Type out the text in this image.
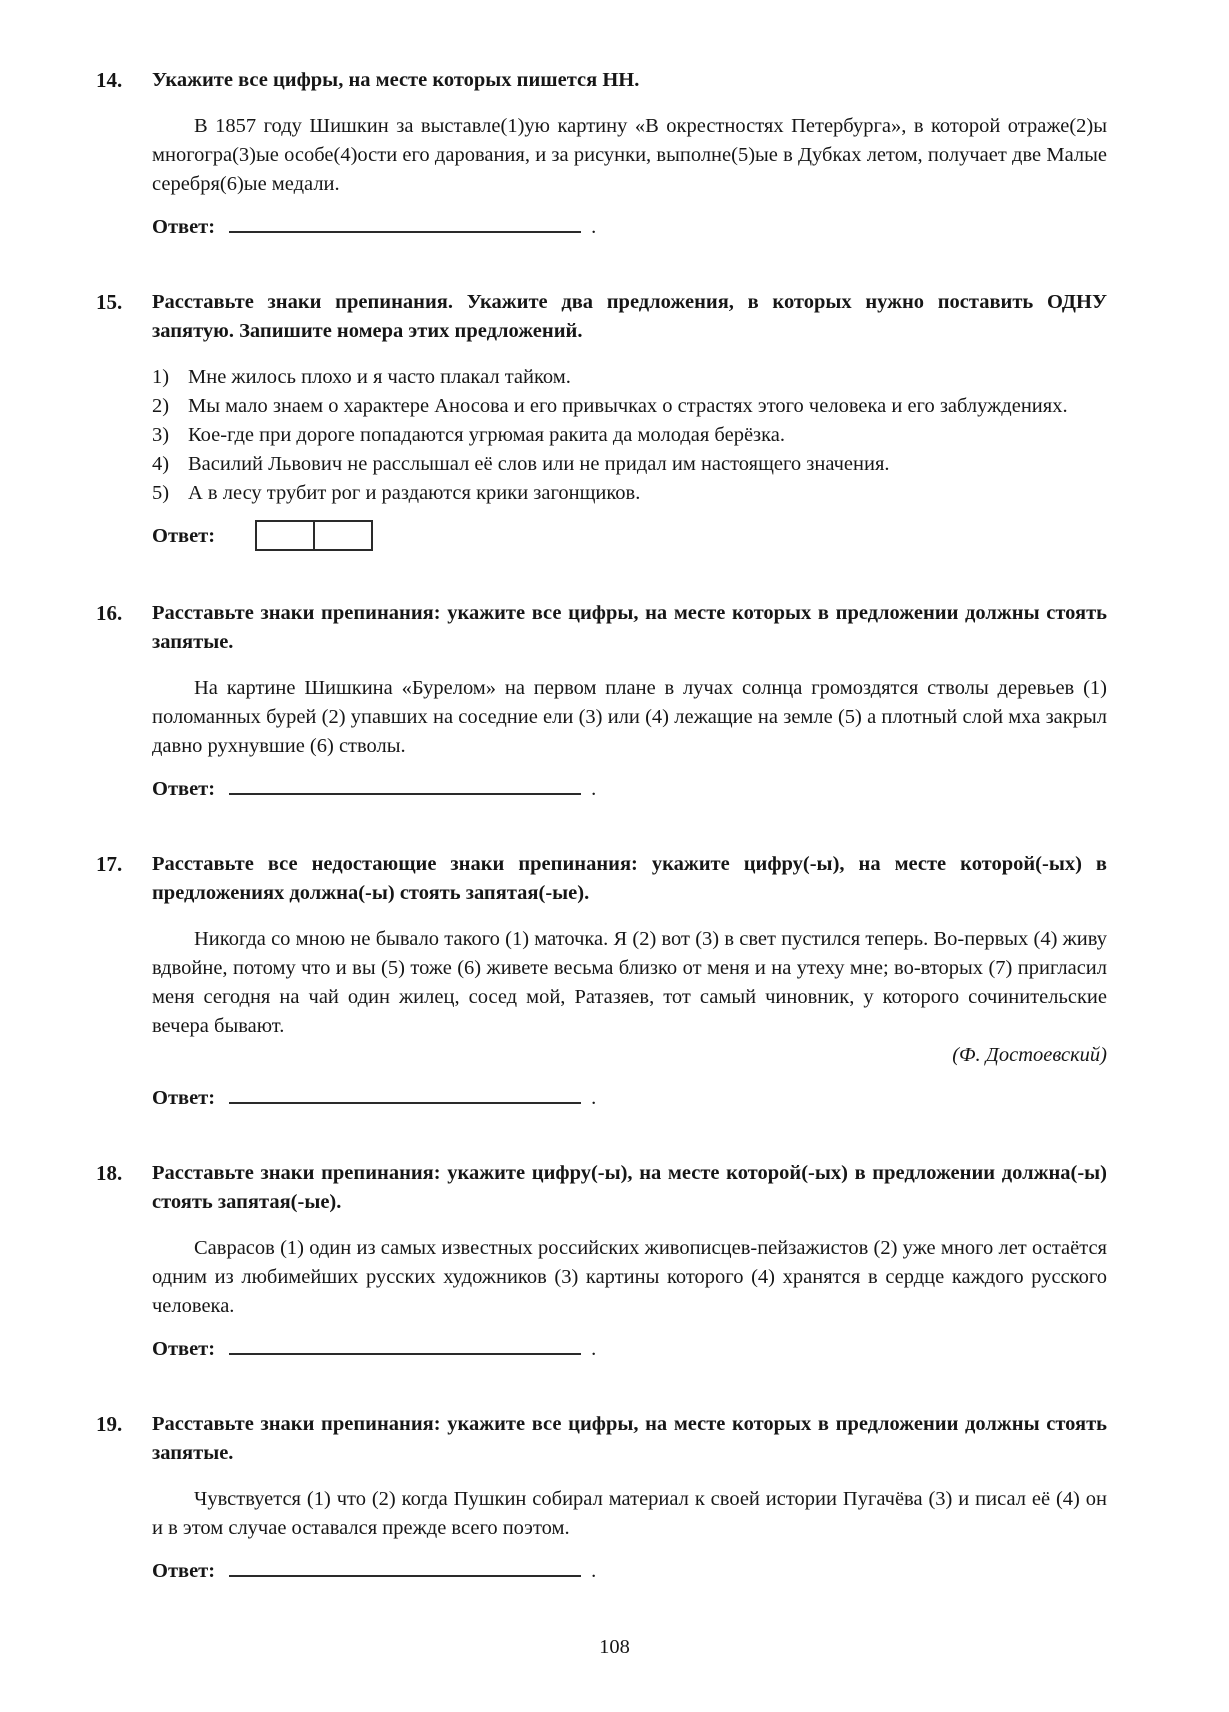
14.	Укажите все цифры, на месте которых пишется НН.

В 1857 году Шишкин за выставле(1)ую картину «В окрестностях Петербурга», в которой отраже(2)ы многогра(3)ые особе(4)ости его дарования, и за рисунки, выполне(5)ые в Дубках летом, получает две Малые серебря(6)ые медали.

Ответ:	.
15.	Расставьте знаки препинания. Укажите два предложения, в которых нужно поставить ОДНУ запятую. Запишите номера этих предложений.

1) Мне жилось плохо и я часто плакал тайком.

2) Мы мало знаем о характере Аносова и его привычках о страстях этого человека и его заблуждениях.

3) Кое-где при дороге попадаются угрюмая ракита да молодая берёзка.

4) Василий Львович не расслышал её слов или не придал им настоящего значения.

5) А в лесу трубит рог и раздаются крики загонщиков.

Ответ:
16.	Расставьте знаки препинания: укажите все цифры, на месте которых в предложении должны стоять запятые.

На картине Шишкина «Бурелом» на первом плане в лучах солнца громоздятся стволы деревьев (1) поломанных бурей (2) упавших на соседние ели (3) или (4) лежащие на земле (5) а плотный слой мха закрыл давно рухнувшие (6) стволы.

Ответ:	.
17.	Расставьте все недостающие знаки препинания: укажите цифру(-ы), на месте которой(-ых) в предложениях должна(-ы) стоять запятая(-ые).

Никогда со мною не бывало такого (1) маточка. Я (2) вот (3) в свет пустился теперь. Во-первых (4) живу вдвойне, потому что и вы (5) тоже (6) живете весьма близко от меня и на утеху мне; во-вторых (7) пригласил меня сегодня на чай один жилец, сосед мой, Ратазяев, тот самый чиновник, у которого сочинительские вечера бывают.

(Ф. Достоевский)

Ответ:	.
18.	Расставьте знаки препинания: укажите цифру(-ы), на месте которой(-ых) в предложении должна(-ы) стоять запятая(-ые).

Саврасов (1) один из самых известных российских живописцев-пейзажистов (2) уже много лет остаётся одним из любимейших русских художников (3) картины которого (4) хранятся в сердце каждого русского человека.

Ответ:	.
19.	Расставьте знаки препинания: укажите все цифры, на месте которых в предложении должны стоять запятые.

Чувствуется (1) что (2) когда Пушкин собирал материал к своей истории Пугачёва (3) и писал её (4) он и в этом случае оставался прежде всего поэтом.

Ответ:	.
108
